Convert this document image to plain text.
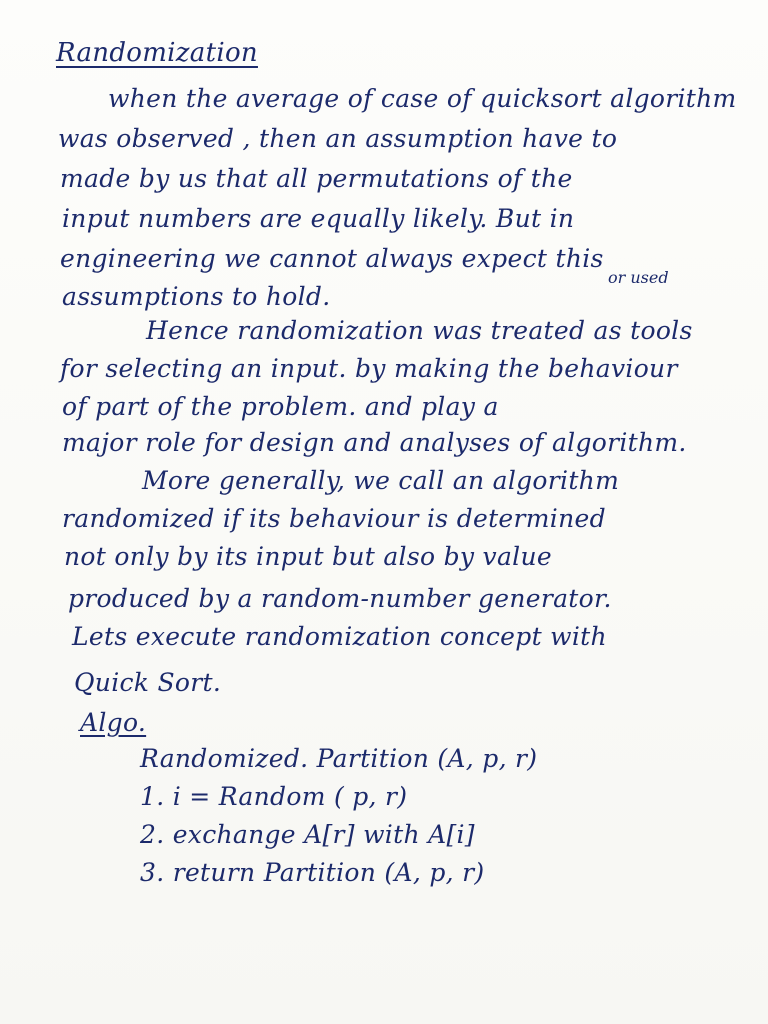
Randomization
when the average of case of quicksort algorithm
was observed , then an assumption have to
made by us that all permutations of the
input numbers are equally likely. But in
engineering we cannot always expect this
assumptions to hold.
or used
Hence randomization was treated as tools
for selecting an input. by making the behaviour
of part of the problem. and play a
major role for design and analyses of algorithm.
More generally, we call an algorithm
randomized if its behaviour is determined
not only by its input but also by value
produced by a random-number generator.
Lets execute randomization concept with
Quick Sort.
Algo.
Randomized. Partition (A, p, r)
1. i = Random ( p, r)
2. exchange A[r] with A[i]
3. return Partition (A, p, r)
